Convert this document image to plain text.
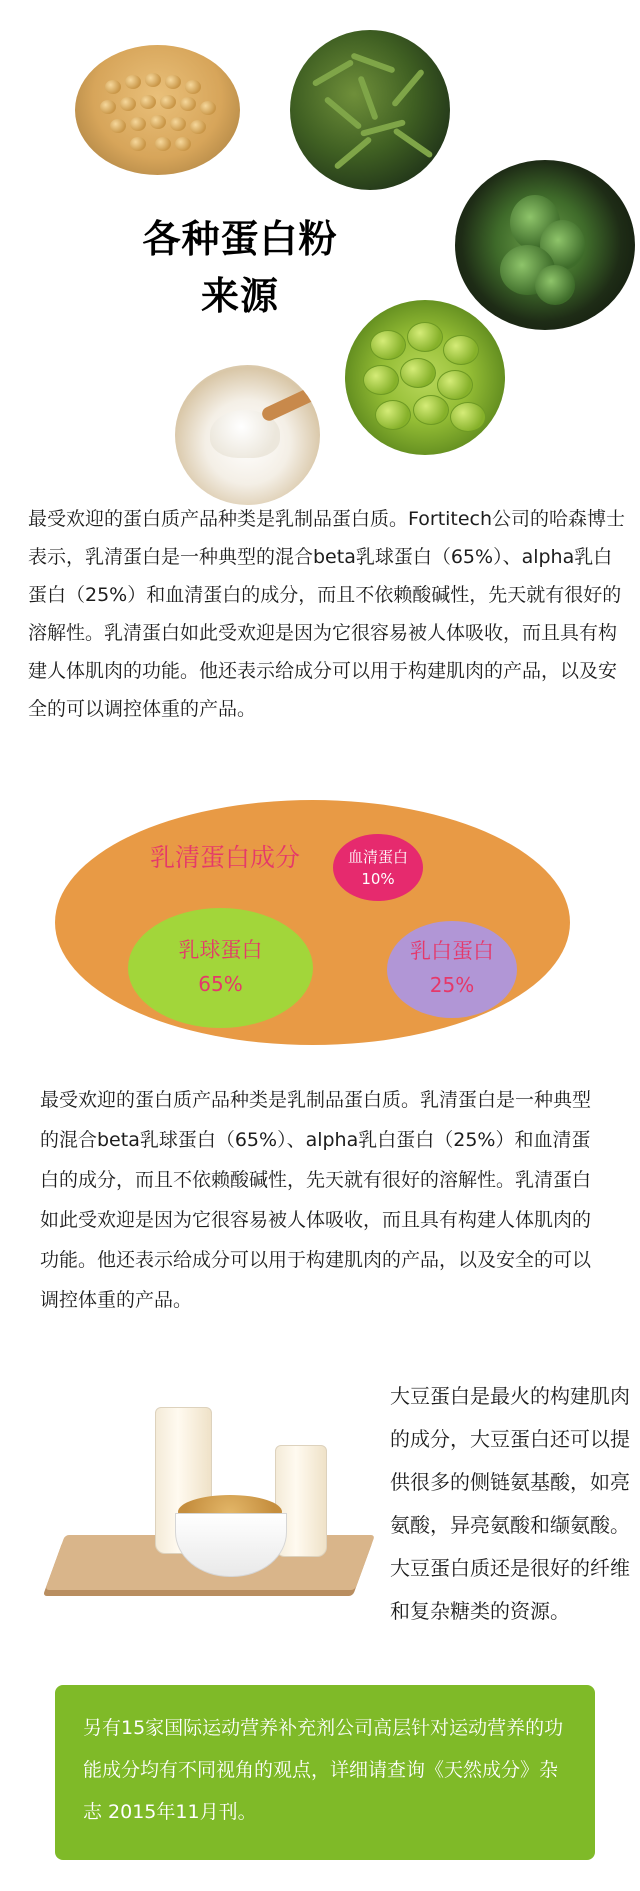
各种蛋白粉
来源
最受欢迎的蛋白质产品种类是乳制品蛋白质。Fortitech公司的哈森博士表示，乳清蛋白是一种典型的混合beta乳球蛋白（65%）、alpha乳白蛋白（25%）和血清蛋白的成分，而且不依赖酸碱性，先天就有很好的溶解性。乳清蛋白如此受欢迎是因为它很容易被人体吸收，而且具有构建人体肌肉的功能。他还表示给成分可以用于构建肌肉的产品，以及安全的可以调控体重的产品。
乳清蛋白成分	血清蛋白
10%
乳球蛋白
65%
乳白蛋白
25%
最受欢迎的蛋白质产品种类是乳制品蛋白质。乳清蛋白是一种典型的混合beta乳球蛋白（65%）、alpha乳白蛋白（25%）和血清蛋白的成分，而且不依赖酸碱性，先天就有很好的溶解性。乳清蛋白如此受欢迎是因为它很容易被人体吸收，而且具有构建人体肌肉的功能。他还表示给成分可以用于构建肌肉的产品，以及安全的可以调控体重的产品。
大豆蛋白是最火的构建肌肉的成分，大豆蛋白还可以提供很多的侧链氨基酸，如亮氨酸，异亮氨酸和缬氨酸。大豆蛋白质还是很好的纤维和复杂糖类的资源。
另有15家国际运动营养补充剂公司高层针对运动营养的功能成分均有不同视角的观点，详细请查询《天然成分》杂志 2015年11月刊。
